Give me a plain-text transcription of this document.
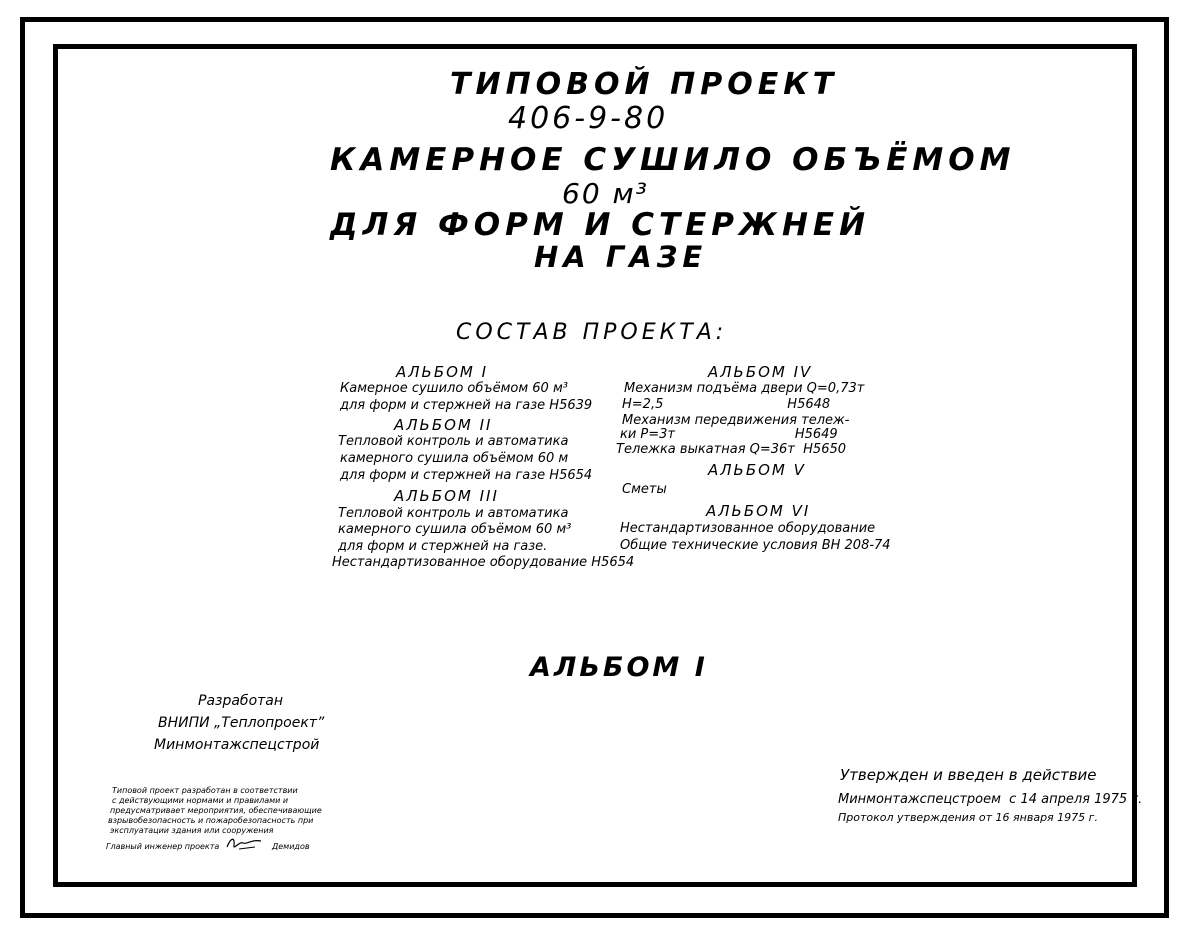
ТИПОВОЙ ПРОЕКТ
406-9-80
КАМЕРНОЕ СУШИЛО ОБЪЁМОМ
60 м³
ДЛЯ ФОРМ И СТЕРЖНЕЙ
НА ГАЗЕ
СОСТАВ ПРОЕКТА:
АЛЬБОМ I
Камерное сушило объёмом 60 м³
для форм и стержней на газе Н5639
АЛЬБОМ II
Тепловой контроль и автоматика
камерного сушила объёмом 60 м
для форм и стержней на газе Н5654
АЛЬБОМ III
Тепловой контроль и автоматика
камерного сушила объёмом 60 м³
для форм и стержней на газе.
Нестандартизованное оборудование Н5654
АЛЬБОМ IV
Механизм подъёма двери Q=0,73т
Н=2,5                              Н5648
Механизм передвижения тележ-
ки Р=3т                             Н5649
Тележка выкатная Q=36т  Н5650
АЛЬБОМ V
Сметы
АЛЬБОМ VI
Нестандартизованное оборудование
Общие технические условия ВН 208-74
АЛЬБОМ I
Разработан
ВНИПИ „Теплопроект”
Минмонтажспецстрой
Утвержден и введен в действие
Минмонтажспецстроем  с 14 апреля 1975 г.
Протокол утверждения от 16 января 1975 г.
Типовой проект разработан в соответствии
с действующими нормами и правилами и
предусматривает мероприятия, обеспечивающие
взрывобезопасность и пожаробезопасность при
эксплуатации здания или сооружения
Главный инженер проекта	Демидов
